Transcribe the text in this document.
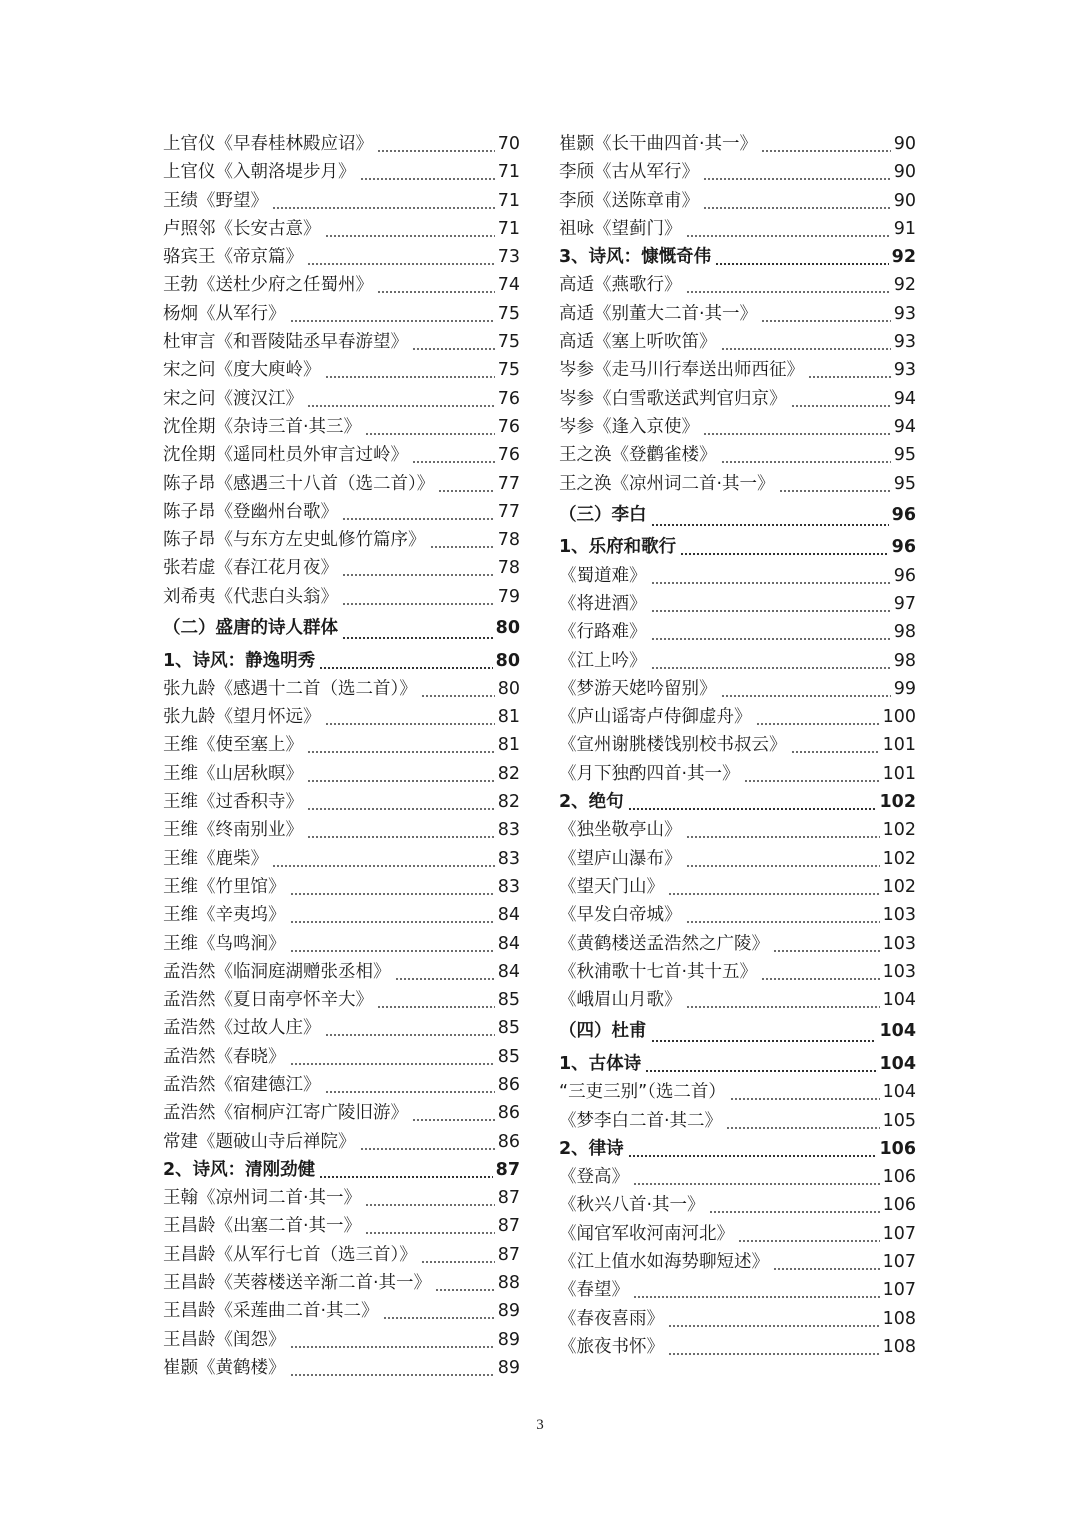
上官仪《早春桂林殿应诏》	70
上官仪《入朝洛堤步月》	71
王绩《野望》	71
卢照邻《长安古意》	71
骆宾王《帝京篇》	73
王勃《送杜少府之任蜀州》	74
杨炯《从军行》	75
杜审言《和晋陵陆丞早春游望》	75
宋之问《度大庾岭》	75
宋之问《渡汉江》	76
沈佺期《杂诗三首·其三》	76
沈佺期《遥同杜员外审言过岭》	76
陈子昂《感遇三十八首（选二首）》	77
陈子昂《登幽州台歌》	77
陈子昂《与东方左史虬修竹篇序》	78
张若虚《春江花月夜》	78
刘希夷《代悲白头翁》	79
（二）盛唐的诗人群体	80
1、诗风：静逸明秀	80
张九龄《感遇十二首（选二首）》	80
张九龄《望月怀远》	81
王维《使至塞上》	81
王维《山居秋暝》	82
王维《过香积寺》	82
王维《终南别业》	83
王维《鹿柴》	83
王维《竹里馆》	83
王维《辛夷坞》	84
王维《鸟鸣涧》	84
孟浩然《临洞庭湖赠张丞相》	84
孟浩然《夏日南亭怀辛大》	85
孟浩然《过故人庄》	85
孟浩然《春晓》	85
孟浩然《宿建德江》	86
孟浩然《宿桐庐江寄广陵旧游》	86
常建《题破山寺后禅院》	86
2、诗风：清刚劲健	87
王翰《凉州词二首·其一》	87
王昌龄《出塞二首·其一》	87
王昌龄《从军行七首（选三首）》	87
王昌龄《芙蓉楼送辛渐二首·其一》	88
王昌龄《采莲曲二首·其二》	89
王昌龄《闺怨》	89
崔颢《黄鹤楼》	89
崔颢《长干曲四首·其一》	90
李颀《古从军行》	90
李颀《送陈章甫》	90
祖咏《望蓟门》	91
3、诗风：慷慨奇伟	92
高适《燕歌行》	92
高适《别董大二首·其一》	93
高适《塞上听吹笛》	93
岑参《走马川行奉送出师西征》	93
岑参《白雪歌送武判官归京》	94
岑参《逢入京使》	94
王之涣《登鹳雀楼》	95
王之涣《凉州词二首·其一》	95
（三）李白	96
1、乐府和歌行	96
《蜀道难》	96
《将进酒》	97
《行路难》	98
《江上吟》	98
《梦游天姥吟留别》	99
《庐山谣寄卢侍御虚舟》	100
《宣州谢朓楼饯别校书叔云》	101
《月下独酌四首·其一》	101
2、绝句	102
《独坐敬亭山》	102
《望庐山瀑布》	102
《望天门山》	102
《早发白帝城》	103
《黄鹤楼送孟浩然之广陵》	103
《秋浦歌十七首·其十五》	103
《峨眉山月歌》	104
（四）杜甫	104
1、古体诗	104
“三吏三别”（选二首）	104
《梦李白二首·其二》	105
2、律诗	106
《登高》	106
《秋兴八首·其一》	106
《闻官军收河南河北》	107
《江上值水如海势聊短述》	107
《春望》	107
《春夜喜雨》	108
《旅夜书怀》	108
3
